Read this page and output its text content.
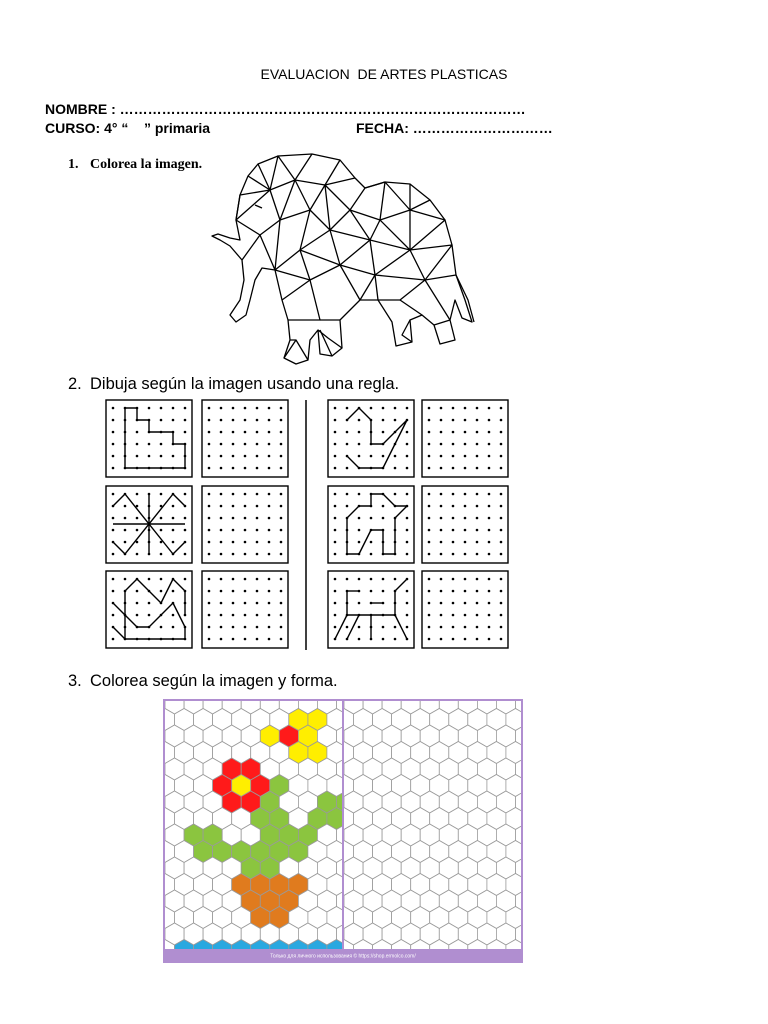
EVALUACION  DE ARTES PLASTICAS
NOMBRE : ……………………………………………………………………………
CURSO: 4° “    ” primaria	FECHA: …………………………
1. Colorea la imagen.
2. Dibuja según la imagen usando una regla.
3. Colorea según la imagen y forma.
Только для личного использования © https://shop.ermolco.com/
